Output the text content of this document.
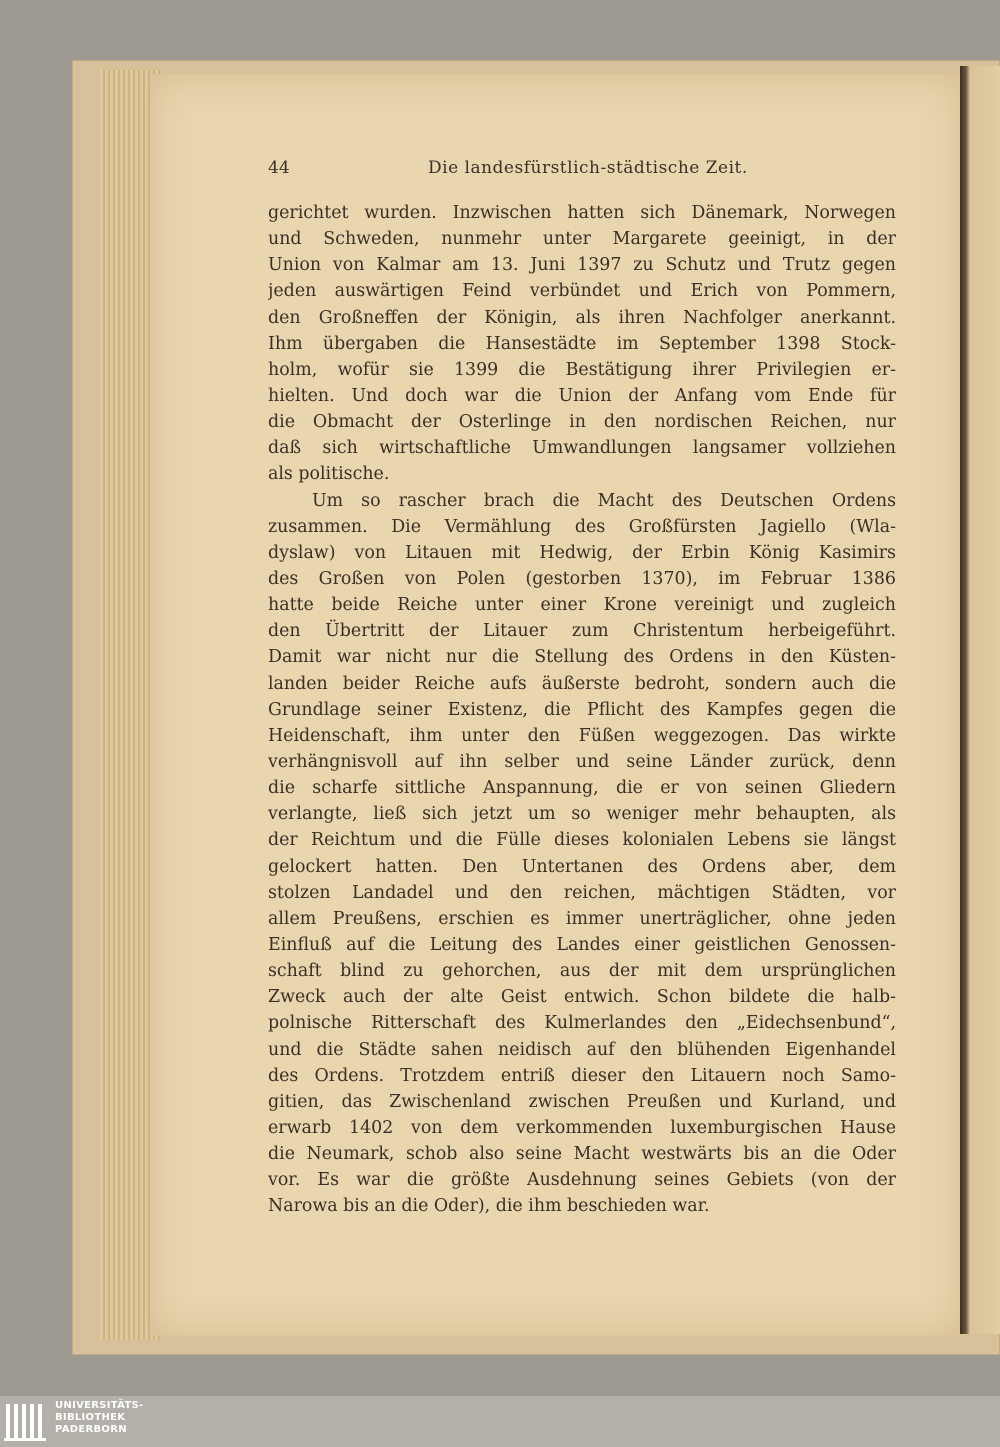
44	Die landesfürstlich-städtische Zeit.
gerichtet wurden. Inzwischen hatten sich Dänemark, Norwegen
und Schweden, nunmehr unter Margarete geeinigt, in der
Union von Kalmar am 13. Juni 1397 zu Schutz und Trutz gegen
jeden auswärtigen Feind verbündet und Erich von Pommern,
den Großneffen der Königin, als ihren Nachfolger anerkannt.
Ihm übergaben die Hansestädte im September 1398 Stock-
holm, wofür sie 1399 die Bestätigung ihrer Privilegien er-
hielten. Und doch war die Union der Anfang vom Ende für
die Obmacht der Osterlinge in den nordischen Reichen, nur
daß sich wirtschaftliche Umwandlungen langsamer vollziehen
als politische.
Um so rascher brach die Macht des Deutschen Ordens
zusammen. Die Vermählung des Großfürsten Jagiello (Wla-
dyslaw) von Litauen mit Hedwig, der Erbin König Kasimirs
des Großen von Polen (gestorben 1370), im Februar 1386
hatte beide Reiche unter einer Krone vereinigt und zugleich
den Übertritt der Litauer zum Christentum herbeigeführt.
Damit war nicht nur die Stellung des Ordens in den Küsten-
landen beider Reiche aufs äußerste bedroht, sondern auch die
Grundlage seiner Existenz, die Pflicht des Kampfes gegen die
Heidenschaft, ihm unter den Füßen weggezogen. Das wirkte
verhängnisvoll auf ihn selber und seine Länder zurück, denn
die scharfe sittliche Anspannung, die er von seinen Gliedern
verlangte, ließ sich jetzt um so weniger mehr behaupten, als
der Reichtum und die Fülle dieses kolonialen Lebens sie längst
gelockert hatten. Den Untertanen des Ordens aber, dem
stolzen Landadel und den reichen, mächtigen Städten, vor
allem Preußens, erschien es immer unerträglicher, ohne jeden
Einfluß auf die Leitung des Landes einer geistlichen Genossen-
schaft blind zu gehorchen, aus der mit dem ursprünglichen
Zweck auch der alte Geist entwich. Schon bildete die halb-
polnische Ritterschaft des Kulmerlandes den „Eidechsenbund“,
und die Städte sahen neidisch auf den blühenden Eigenhandel
des Ordens. Trotzdem entriß dieser den Litauern noch Samo-
gitien, das Zwischenland zwischen Preußen und Kurland, und
erwarb 1402 von dem verkommenden luxemburgischen Hause
die Neumark, schob also seine Macht westwärts bis an die Oder
vor. Es war die größte Ausdehnung seines Gebiets (von der
Narowa bis an die Oder), die ihm beschieden war.
UNIVERSITÄTS-
BIBLIOTHEK
PADERBORN
